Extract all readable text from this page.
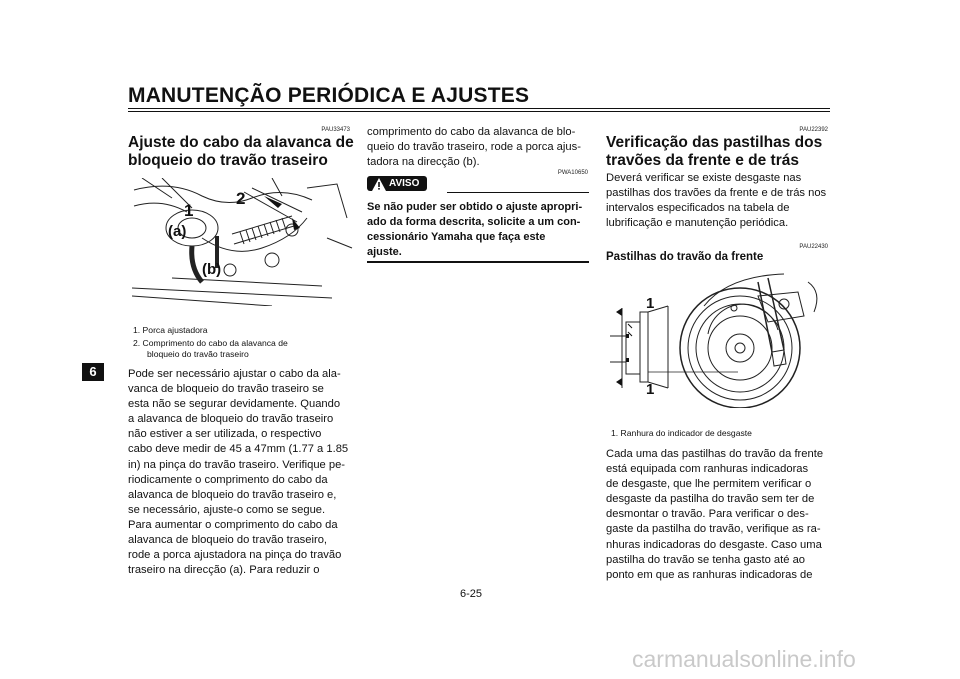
MANUTENÇÃO PERIÓDICA E AJUSTES
6
PAU33473
Ajuste do cabo da alavanca de
bloqueio do travão traseiro
2
1
(a)
(b)
1. Porca ajustadora
2. Comprimento do cabo da alavanca de
bloqueio do travão traseiro
Pode ser necessário ajustar o cabo da ala-
vanca de bloqueio do travão traseiro se
esta não se segurar devidamente. Quando
a alavanca de bloqueio do travão traseiro
não estiver a ser utilizada, o respectivo
cabo deve medir de 45 a 47mm (1.77 a 1.85
in) na pinça do travão traseiro. Verifique pe-
riodicamente o comprimento do cabo da
alavanca de bloqueio do travão traseiro e,
se necessário, ajuste-o como se segue.
Para aumentar o comprimento do cabo da
alavanca de bloqueio do travão traseiro,
rode a porca ajustadora na pinça do travão
traseiro na direcção (a). Para reduzir o
comprimento do cabo da alavanca de blo-
queio do travão traseiro, rode a porca ajus-
tadora na direcção (b).
PWA10650
AVISO
Se não puder ser obtido o ajuste apropri-
ado da forma descrita, solicite a um con-
cessionário Yamaha que faça este
ajuste.
PAU22392
Verificação das pastilhas dos
travões da frente e de trás
Deverá verificar se existe desgaste nas
pastilhas dos travões da frente e de trás nos
intervalos especificados na tabela de
lubrificação e manutenção periódica.
PAU22430
Pastilhas do travão da frente
1
1
1. Ranhura do indicador de desgaste
Cada uma das pastilhas do travão da frente
está equipada com ranhuras indicadoras
de desgaste, que lhe permitem verificar o
desgaste da pastilha do travão sem ter de
desmontar o travão. Para verificar o des-
gaste da pastilha do travão, verifique as ra-
nhuras indicadoras do desgaste. Caso uma
pastilha do travão se tenha gasto até ao
ponto em que as ranhuras indicadoras de
6-25
carmanualsonline.info
